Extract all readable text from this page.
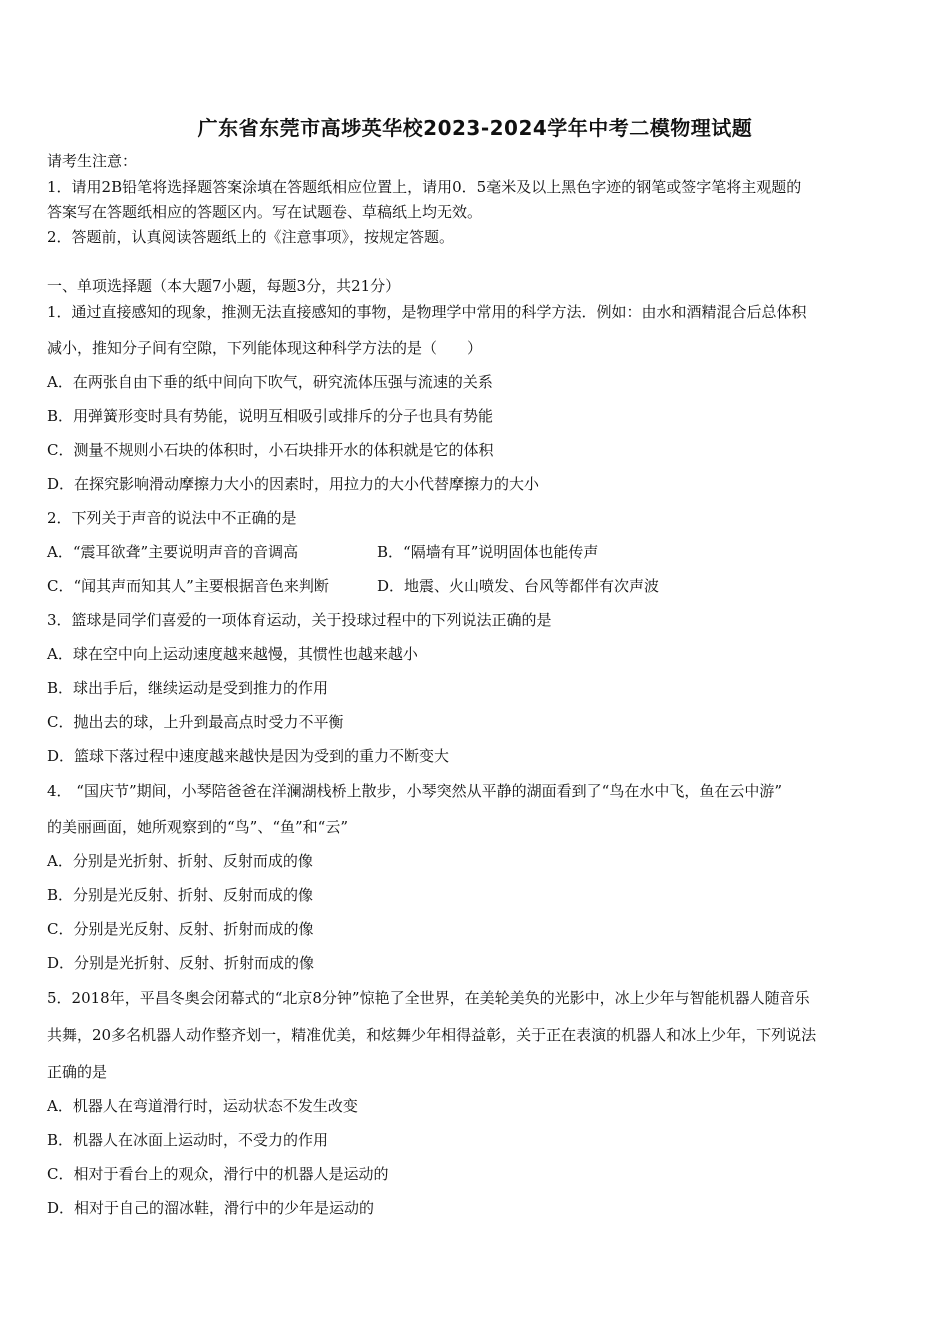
广东省东莞市高埗英华校2023-2024学年中考二模物理试题
请考生注意：
1．请用2B铅笔将选择题答案涂填在答题纸相应位置上，请用0．5毫米及以上黑色字迹的钢笔或签字笔将主观题的
答案写在答题纸相应的答题区内。写在试题卷、草稿纸上均无效。
2．答题前，认真阅读答题纸上的《注意事项》，按规定答题。
一、单项选择题（本大题7小题，每题3分，共21分）
1．通过直接感知的现象，推测无法直接感知的事物，是物理学中常用的科学方法．例如：由水和酒精混合后总体积
减小，推知分子间有空隙，下列能体现这种科学方法的是（　　）
A．在两张自由下垂的纸中间向下吹气，研究流体压强与流速的关系
B．用弹簧形变时具有势能，说明互相吸引或排斥的分子也具有势能
C．测量不规则小石块的体积时，小石块排开水的体积就是它的体积
D．在探究影响滑动摩擦力大小的因素时，用拉力的大小代替摩擦力的大小
2．下列关于声音的说法中不正确的是
A．“震耳欲聋”主要说明声音的音调高	B．“隔墙有耳”说明固体也能传声
C．“闻其声而知其人”主要根据音色来判断	D．地震、火山喷发、台风等都伴有次声波
3．篮球是同学们喜爱的一项体育运动，关于投球过程中的下列说法正确的是
A．球在空中向上运动速度越来越慢，其惯性也越来越小
B．球出手后，继续运动是受到推力的作用
C．抛出去的球，上升到最高点时受力不平衡
D．篮球下落过程中速度越来越快是因为受到的重力不断变大
4． “国庆节”期间，小琴陪爸爸在洋澜湖栈桥上散步，小琴突然从平静的湖面看到了“鸟在水中飞，鱼在云中游”
的美丽画面，她所观察到的“鸟”、“鱼”和“云”
A．分别是光折射、折射、反射而成的像
B．分别是光反射、折射、反射而成的像
C．分别是光反射、反射、折射而成的像
D．分别是光折射、反射、折射而成的像
5．2018年，平昌冬奥会闭幕式的“北京8分钟”惊艳了全世界，在美轮美奂的光影中，冰上少年与智能机器人随音乐
共舞，20多名机器人动作整齐划一，精准优美，和炫舞少年相得益彰，关于正在表演的机器人和冰上少年，下列说法
正确的是
A．机器人在弯道滑行时，运动状态不发生改变
B．机器人在冰面上运动时，不受力的作用
C．相对于看台上的观众，滑行中的机器人是运动的
D．相对于自己的溜冰鞋，滑行中的少年是运动的
